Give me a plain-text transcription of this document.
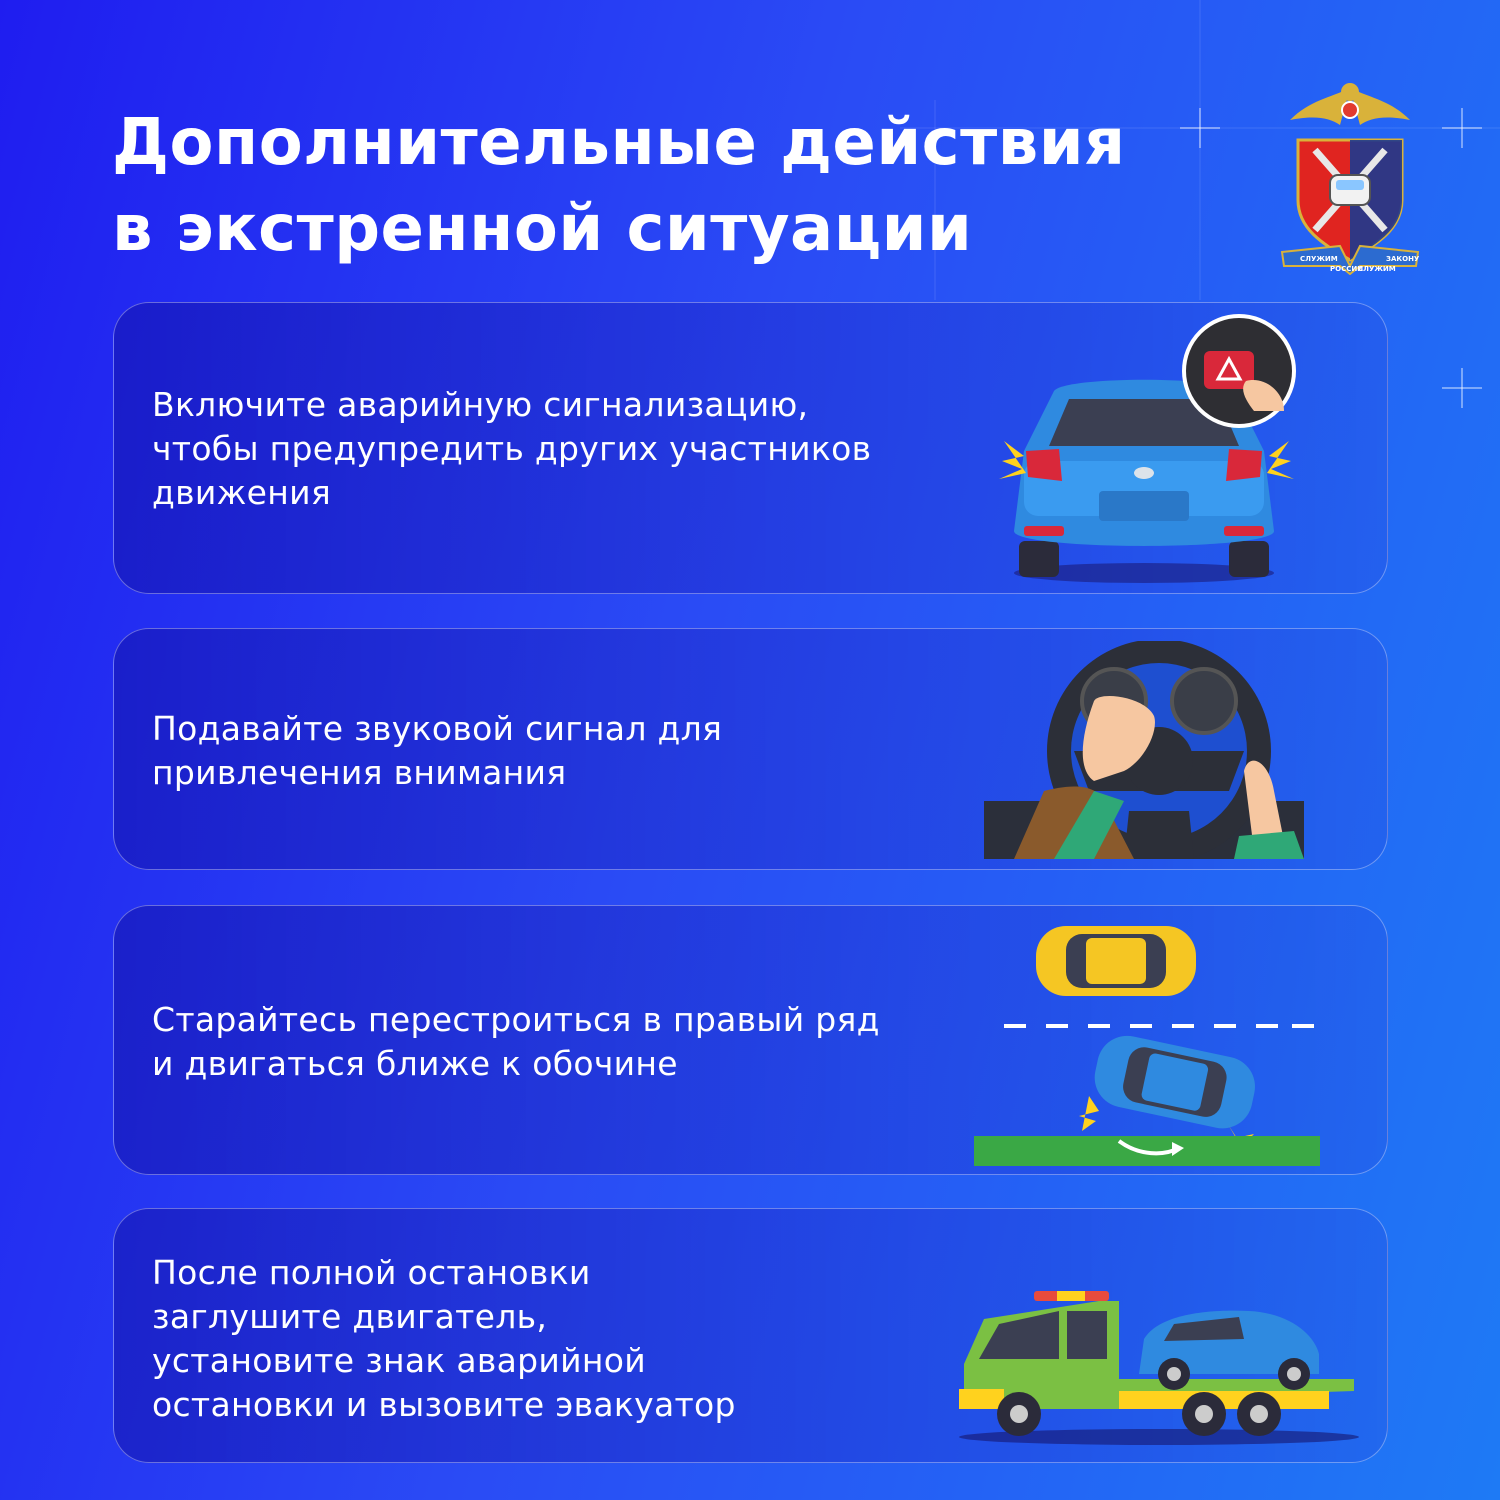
Дополнительные действия
в экстренной ситуации	СЛУЖИМ
РОССИИ
СЛУЖИМ
ЗАКОНУ
Включите аварийную сигнализацию,
чтобы предупредить других участников
движения
Подавайте звуковой сигнал для
привлечения внимания
Старайтесь перестроиться в правый ряд
и двигаться ближе к обочине
После полной остановки
заглушите двигатель,
установите знак аварийной
остановки и вызовите эвакуатор
